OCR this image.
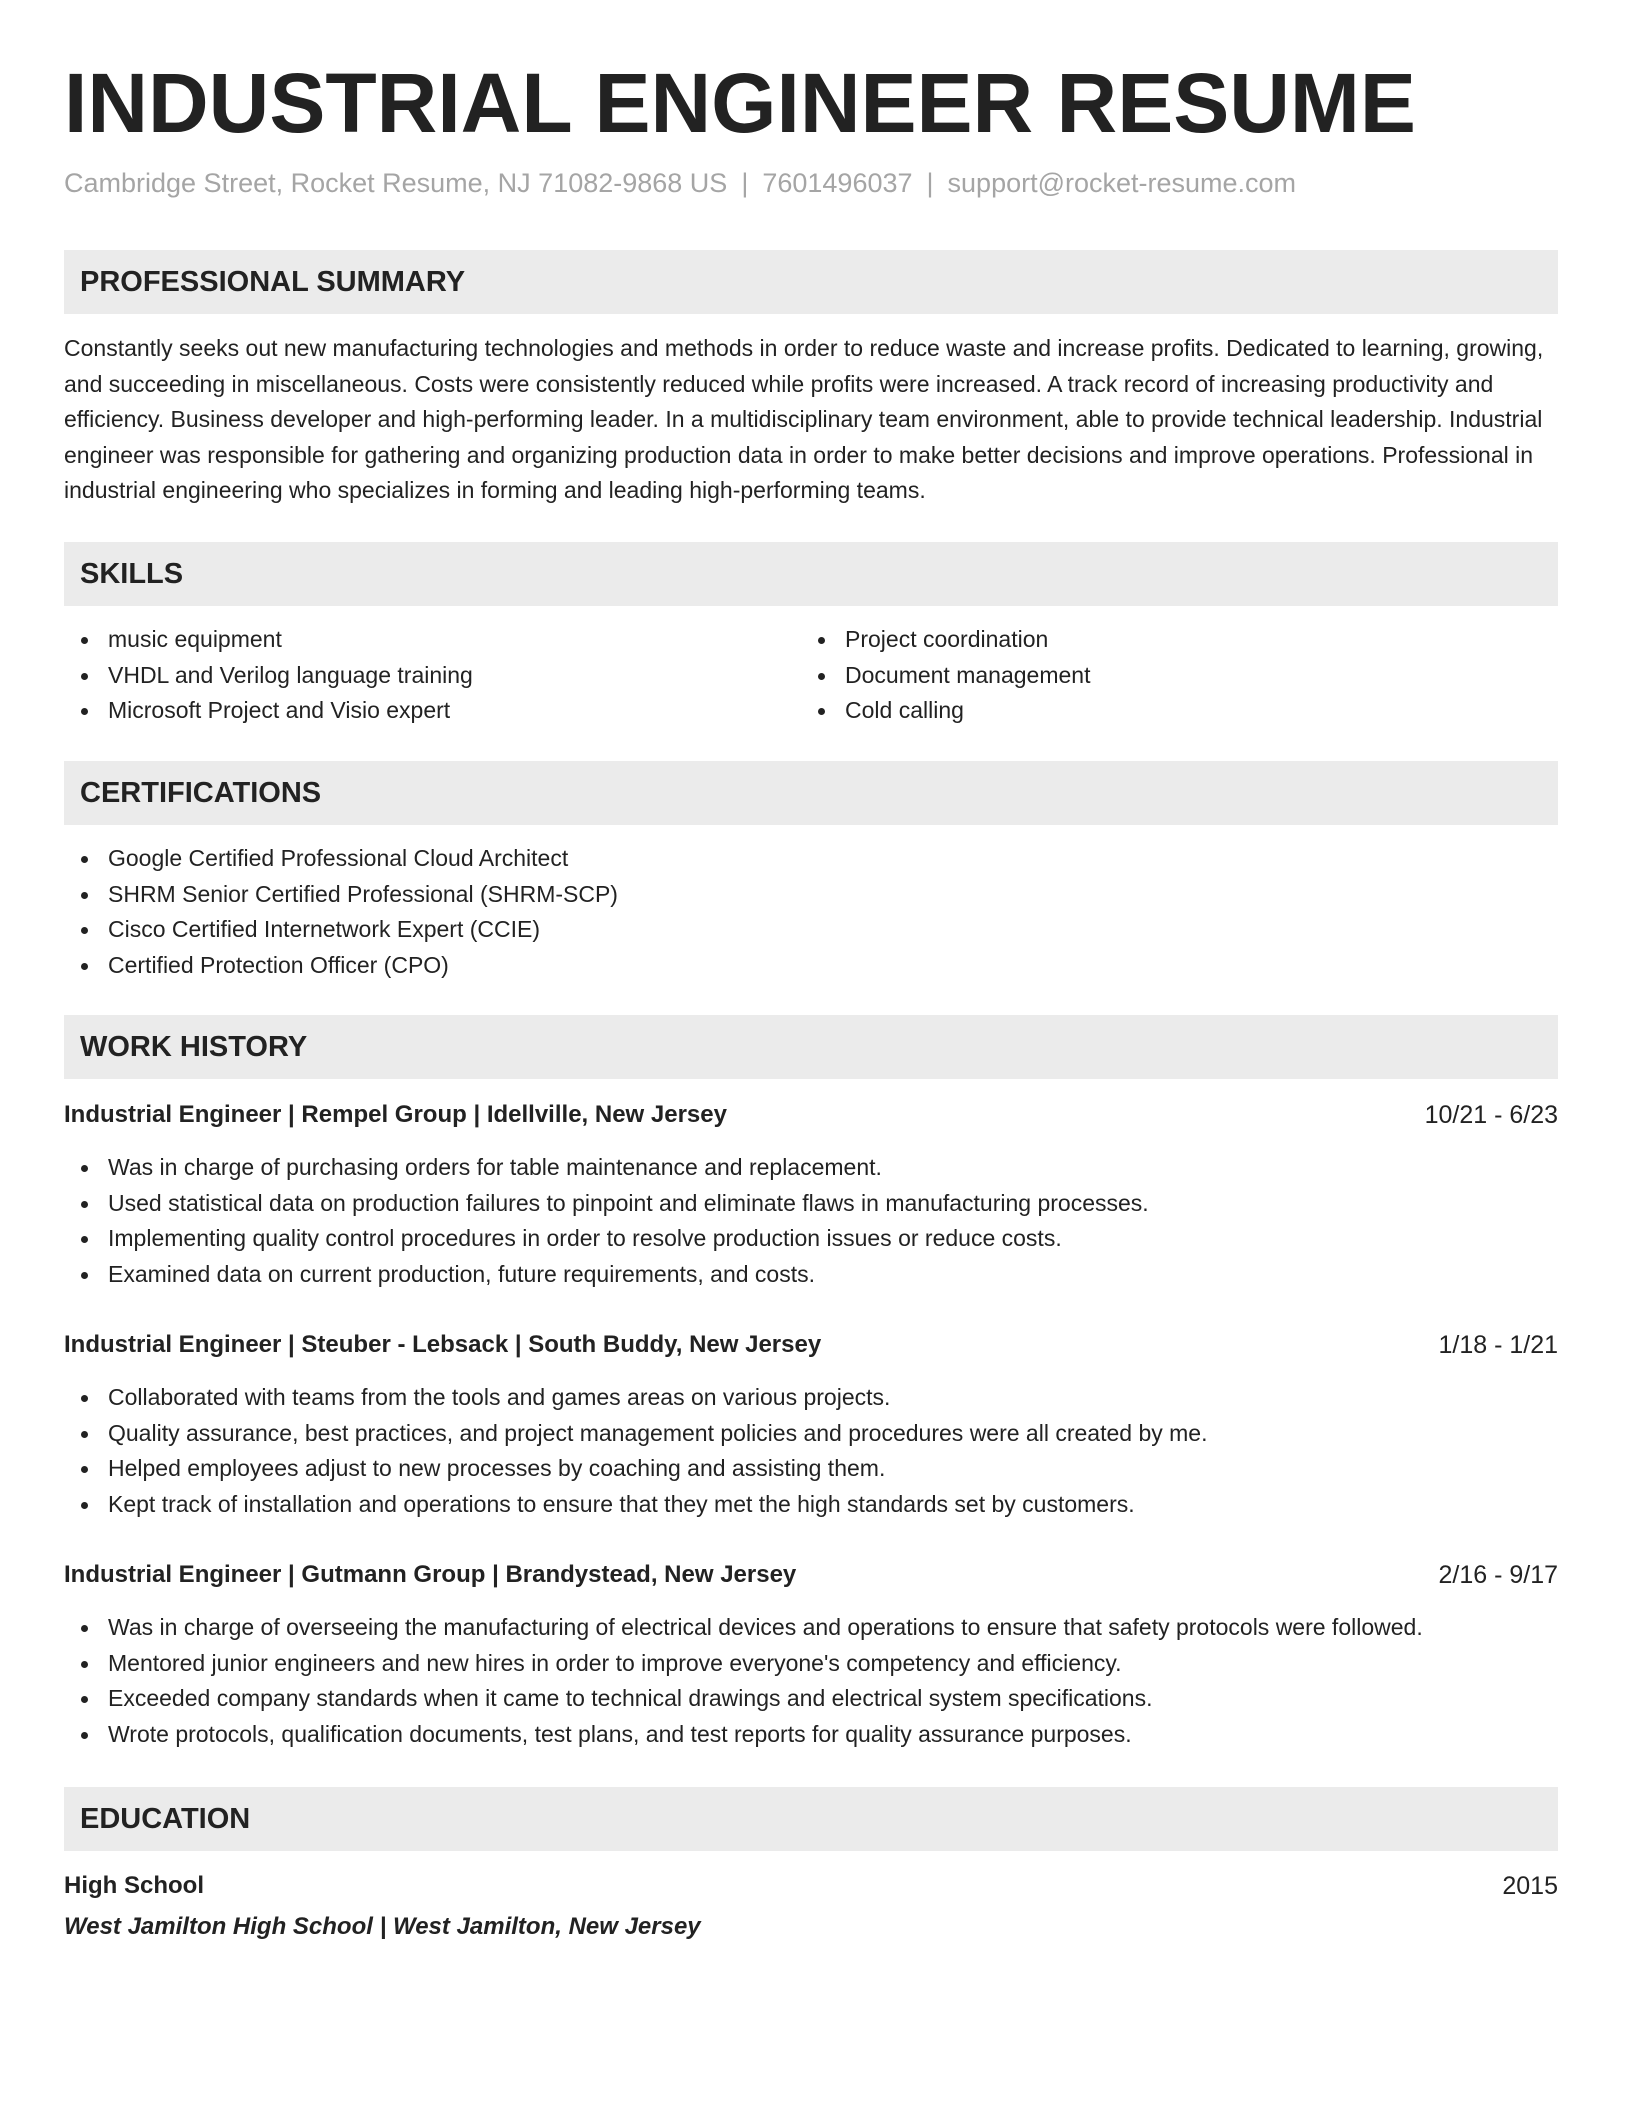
INDUSTRIAL ENGINEER RESUME
Cambridge Street, Rocket Resume, NJ 71082-9868 US | 7601496037 | support@rocket-resume.com
PROFESSIONAL SUMMARY

Constantly seeks out new manufacturing technologies and methods in order to reduce waste and increase profits. Dedicated to learning, growing, and succeeding in miscellaneous. Costs were consistently reduced while profits were increased. A track record of increasing productivity and efficiency. Business developer and high-performing leader. In a multidisciplinary team environment, able to provide technical leadership. Industrial engineer was responsible for gathering and organizing production data in order to make better decisions and improve operations. Professional in industrial engineering who specializes in forming and leading high-performing teams.

SKILLS
music equipment
VHDL and Verilog language training
Microsoft Project and Visio expert
Project coordination
Document management
Cold calling
CERTIFICATIONS
Google Certified Professional Cloud Architect
SHRM Senior Certified Professional (SHRM-SCP)
Cisco Certified Internetwork Expert (CCIE)
Certified Protection Officer (CPO)
WORK HISTORY
Industrial Engineer | Rempel Group | Idellville, New Jersey	10/21 - 6/23
Was in charge of purchasing orders for table maintenance and replacement.
Used statistical data on production failures to pinpoint and eliminate flaws in manufacturing processes.
Implementing quality control procedures in order to resolve production issues or reduce costs.
Examined data on current production, future requirements, and costs.
Industrial Engineer | Steuber - Lebsack | South Buddy, New Jersey	1/18 - 1/21
Collaborated with teams from the tools and games areas on various projects.
Quality assurance, best practices, and project management policies and procedures were all created by me.
Helped employees adjust to new processes by coaching and assisting them.
Kept track of installation and operations to ensure that they met the high standards set by customers.
Industrial Engineer | Gutmann Group | Brandystead, New Jersey	2/16 - 9/17
Was in charge of overseeing the manufacturing of electrical devices and operations to ensure that safety protocols were followed.
Mentored junior engineers and new hires in order to improve everyone's competency and efficiency.
Exceeded company standards when it came to technical drawings and electrical system specifications.
Wrote protocols, qualification documents, test plans, and test reports for quality assurance purposes.
EDUCATION
High School	2015
West Jamilton High School | West Jamilton, New Jersey
